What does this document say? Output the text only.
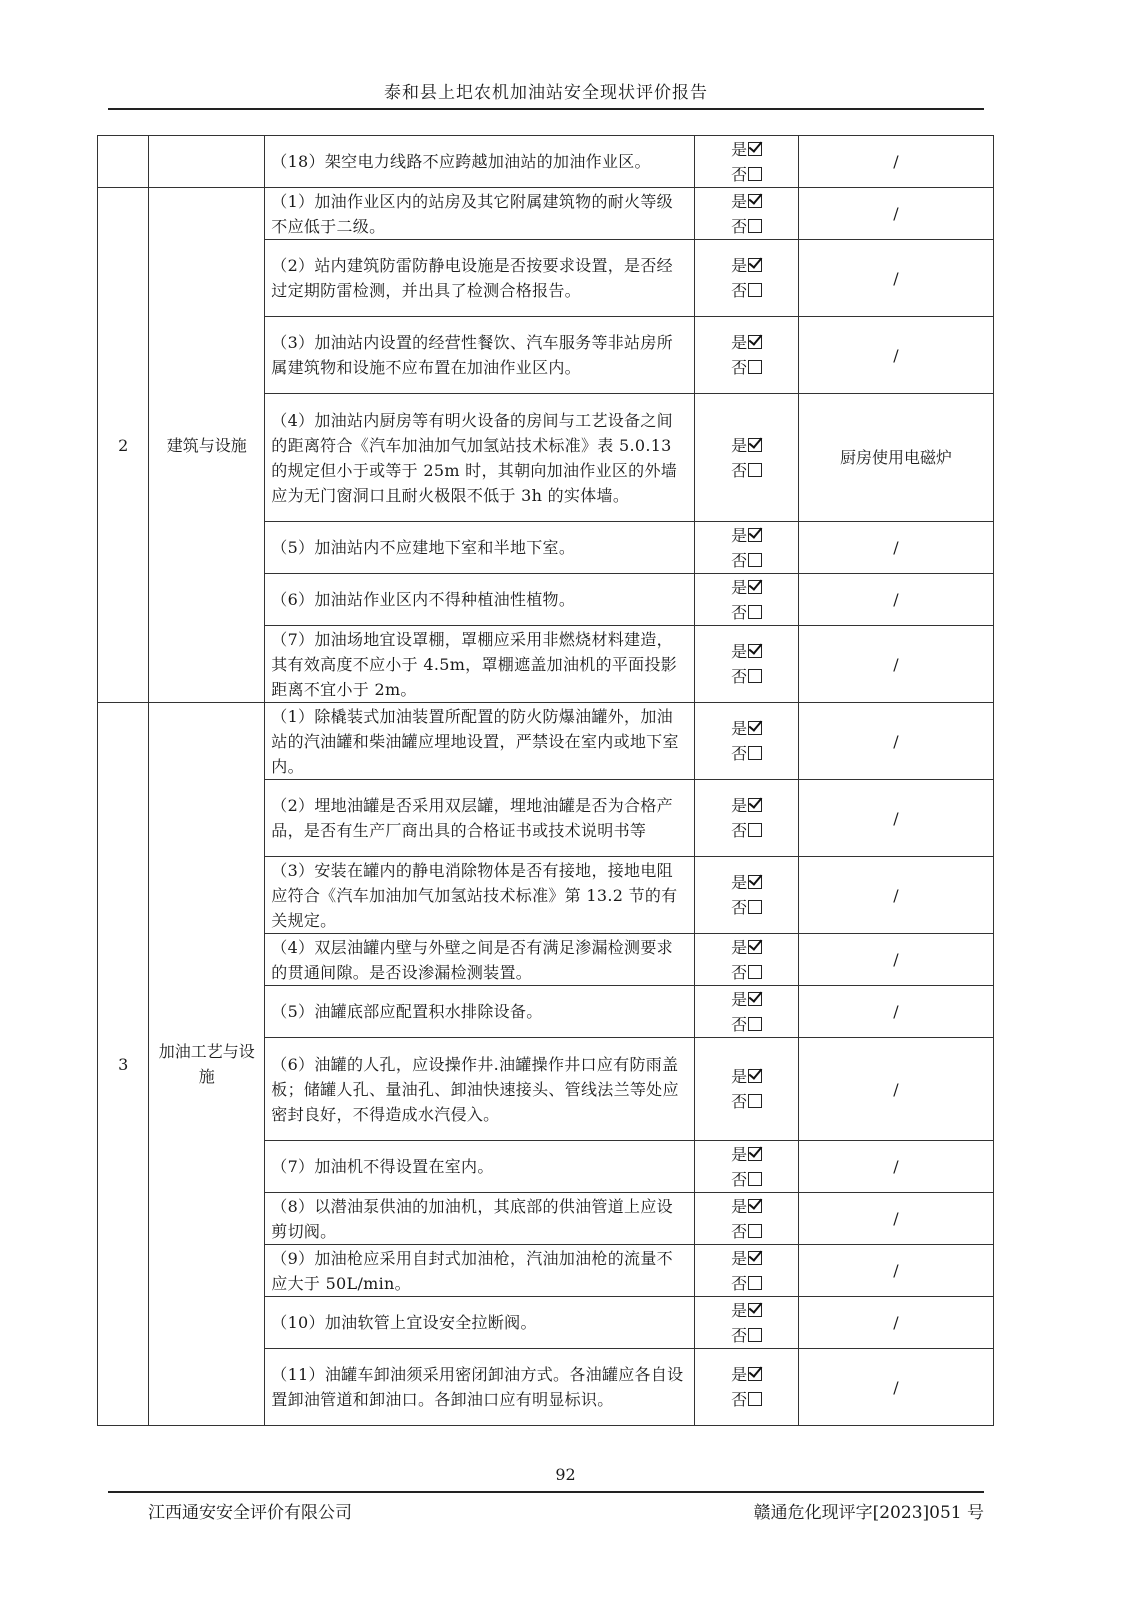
泰和县上圯农机加油站安全现状评价报告
		（18）架空电力线路不应跨越加油站的加油作业区。	是
否	/
2	建筑与设施	（1）加油作业区内的站房及其它附属建筑物的耐火等级不应低于二级。	是
否	/
		（2）站内建筑防雷防静电设施是否按要求设置，是否经过定期防雷检测，并出具了检测合格报告。	是
否	/
		（3）加油站内设置的经营性餐饮、汽车服务等非站房所属建筑物和设施不应布置在加油作业区内。	是
否	/
		（4）加油站内厨房等有明火设备的房间与工艺设备之间的距离符合《汽车加油加气加氢站技术标准》表 5.0.13 的规定但小于或等于 25m 时，其朝向加油作业区的外墙应为无门窗洞口且耐火极限不低于 3h 的实体墙。	是
否	厨房使用电磁炉
		（5）加油站内不应建地下室和半地下室。	是
否	/
		（6）加油站作业区内不得种植油性植物。	是
否	/
		（7）加油场地宜设罩棚，罩棚应采用非燃烧材料建造，其有效高度不应小于 4.5m，罩棚遮盖加油机的平面投影距离不宜小于 2m。	是
否	/
3	加油工艺与设施	（1）除橇装式加油装置所配置的防火防爆油罐外，加油站的汽油罐和柴油罐应埋地设置，严禁设在室内或地下室内。	是
否	/
		（2）埋地油罐是否采用双层罐，埋地油罐是否为合格产品，是否有生产厂商出具的合格证书或技术说明书等	是
否	/
		（3）安装在罐内的静电消除物体是否有接地，接地电阻应符合《汽车加油加气加氢站技术标准》第 13.2 节的有关规定。	是
否	/
		（4）双层油罐内壁与外壁之间是否有满足渗漏检测要求的贯通间隙。是否设渗漏检测装置。	是
否	/
		（5）油罐底部应配置积水排除设备。	是
否	/
		（6）油罐的人孔，应设操作井.油罐操作井口应有防雨盖板；储罐人孔、量油孔、卸油快速接头、管线法兰等处应密封良好，不得造成水汽侵入。	是
否	/
		（7）加油机不得设置在室内。	是
否	/
		（8）以潜油泵供油的加油机，其底部的供油管道上应设剪切阀。	是
否	/
		（9）加油枪应采用自封式加油枪，汽油加油枪的流量不应大于 50L/min。	是
否	/
		（10）加油软管上宜设安全拉断阀。	是
否	/
		（11）油罐车卸油须采用密闭卸油方式。各油罐应各自设置卸油管道和卸油口。各卸油口应有明显标识。	是
否	/
92
江西通安安全评价有限公司	赣通危化现评字[2023]051 号
